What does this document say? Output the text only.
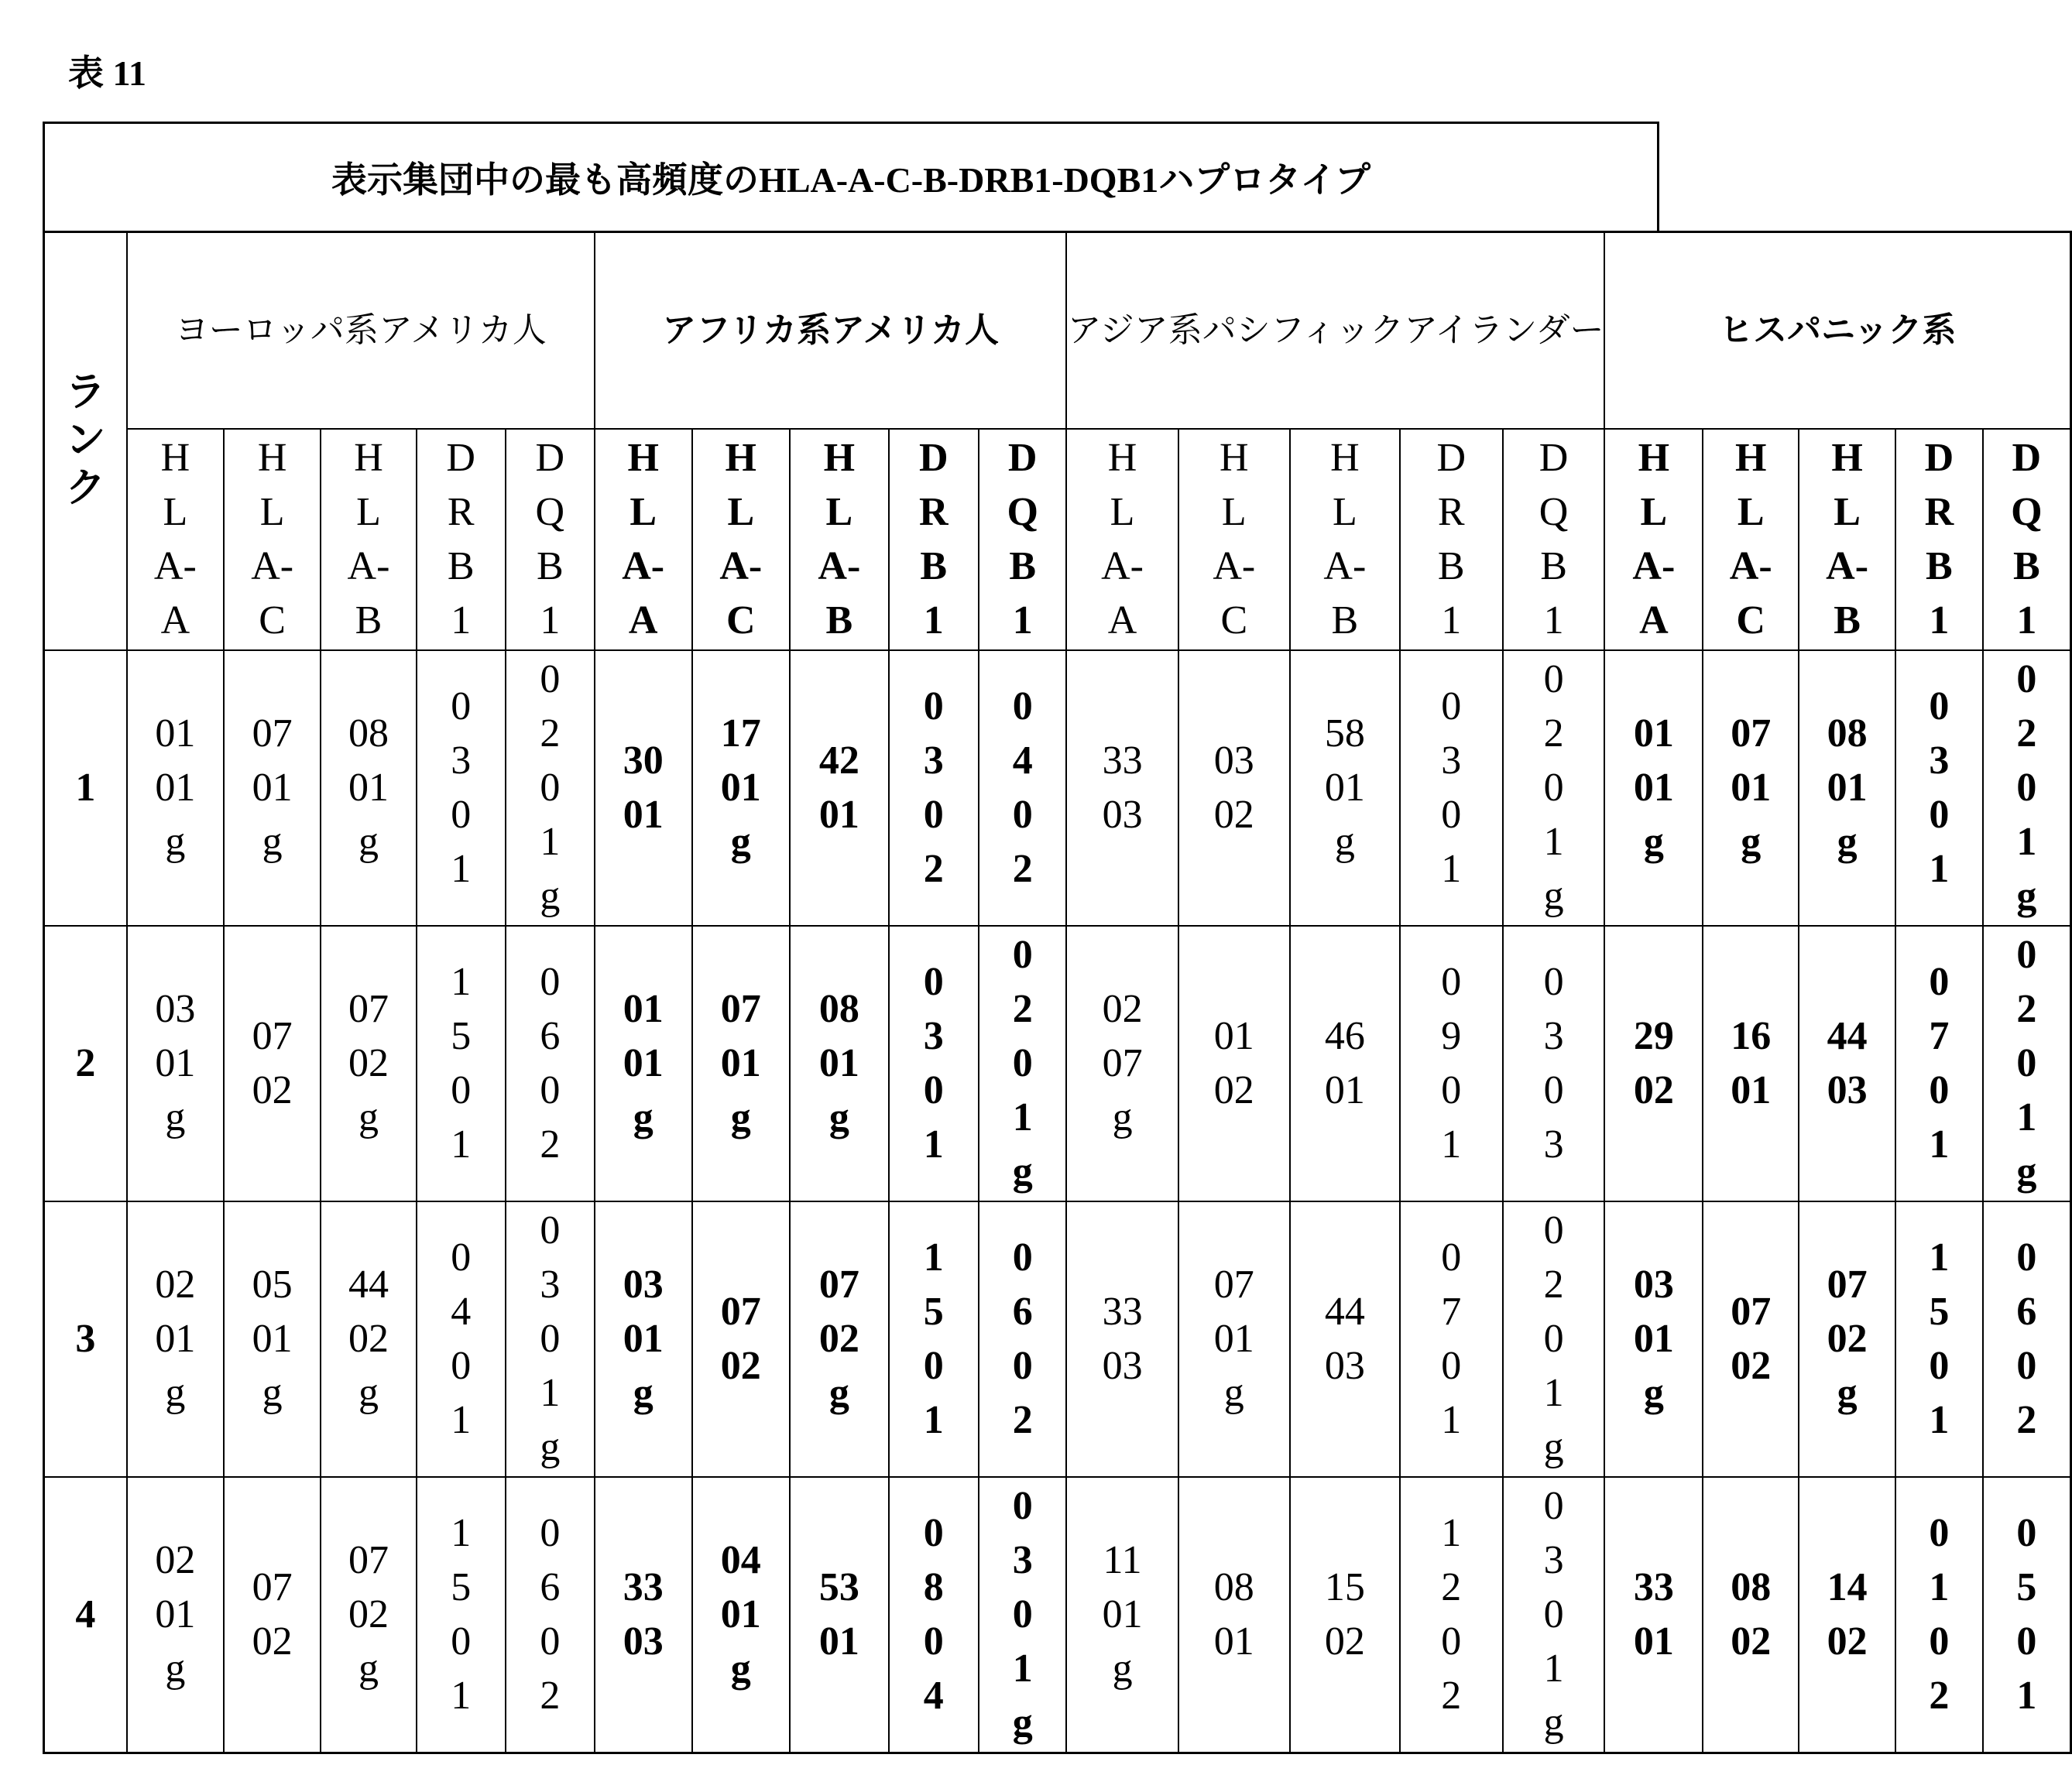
表 11
表示集団中の最も高頻度のHLA-A-C-B-DRB1-DQB1ハプロタイプ
ラ
ン
ク	ヨーロッパ系アメリカ人	アフリカ系アメリカ人	アジア系パシフィックアイランダー	ヒスパニック系
H
L
A-
A	H
L
A-
C	H
L
A-
B	D
R
B
1	D
Q
B
1	H
L
A-
A	H
L
A-
C	H
L
A-
B	D
R
B
1	D
Q
B
1	H
L
A-
A	H
L
A-
C	H
L
A-
B	D
R
B
1	D
Q
B
1	H
L
A-
A	H
L
A-
C	H
L
A-
B	D
R
B
1	D
Q
B
1
1	01
01
g	07
01
g	08
01
g	0
3
0
1	0
2
0
1
g	30
01	17
01
g	42
01	0
3
0
2	0
4
0
2	33
03	03
02	58
01
g	0
3
0
1	0
2
0
1
g	01
01
g	07
01
g	08
01
g	0
3
0
1	0
2
0
1
g
2	03
01
g	07
02	07
02
g	1
5
0
1	0
6
0
2	01
01
g	07
01
g	08
01
g	0
3
0
1	0
2
0
1
g	02
07
g	01
02	46
01	0
9
0
1	0
3
0
3	29
02	16
01	44
03	0
7
0
1	0
2
0
1
g
3	02
01
g	05
01
g	44
02
g	0
4
0
1	0
3
0
1
g	03
01
g	07
02	07
02
g	1
5
0
1	0
6
0
2	33
03	07
01
g	44
03	0
7
0
1	0
2
0
1
g	03
01
g	07
02	07
02
g	1
5
0
1	0
6
0
2
4	02
01
g	07
02	07
02
g	1
5
0
1	0
6
0
2	33
03	04
01
g	53
01	0
8
0
4	0
3
0
1
g	11
01
g	08
01	15
02	1
2
0
2	0
3
0
1
g	33
01	08
02	14
02	0
1
0
2	0
5
0
1
